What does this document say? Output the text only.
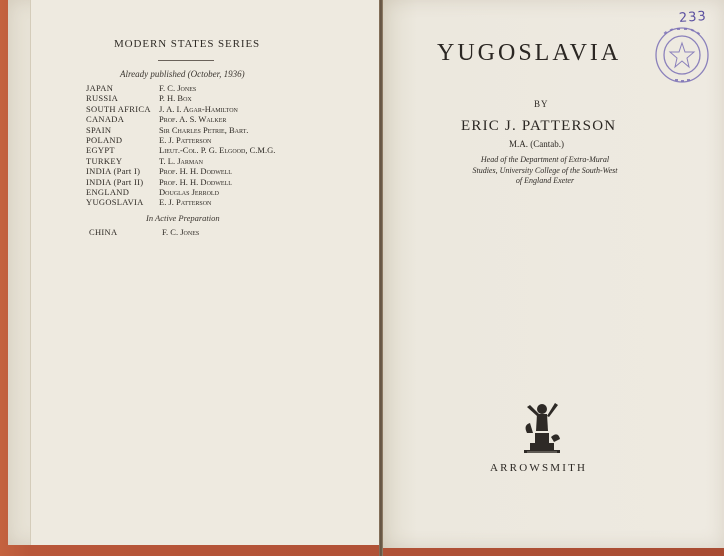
MODERN STATES SERIES
Already published (October, 1936)
JAPAN	F. C. Jones
RUSSIA	P. H. Box
SOUTH AFRICA J. A. I. Agar-Hamilton
CANADA	Prof. A. S. Walker
SPAIN	Sir Charles Petrie, Bart.
POLAND	E. J. Patterson
EGYPT	Lieut.-Col. P. G. Elgood, C.M.G.
TURKEY	T. L. Jarman
INDIA (Part I)	Prof. H. H. Dodwell
INDIA (Part II)	Prof. H. H. Dodwell
ENGLAND	Douglas Jerrold
YUGOSLAVIA	E. J. Patterson
In Active Preparation
CHINA	F. C. Jones
233
YUGOSLAVIA
BY
ERIC J. PATTERSON
M.A. (Cantab.)
Head of the Department of Extra-Mural Studies, University College of the South-West of England Exeter
ARROWSMITH
